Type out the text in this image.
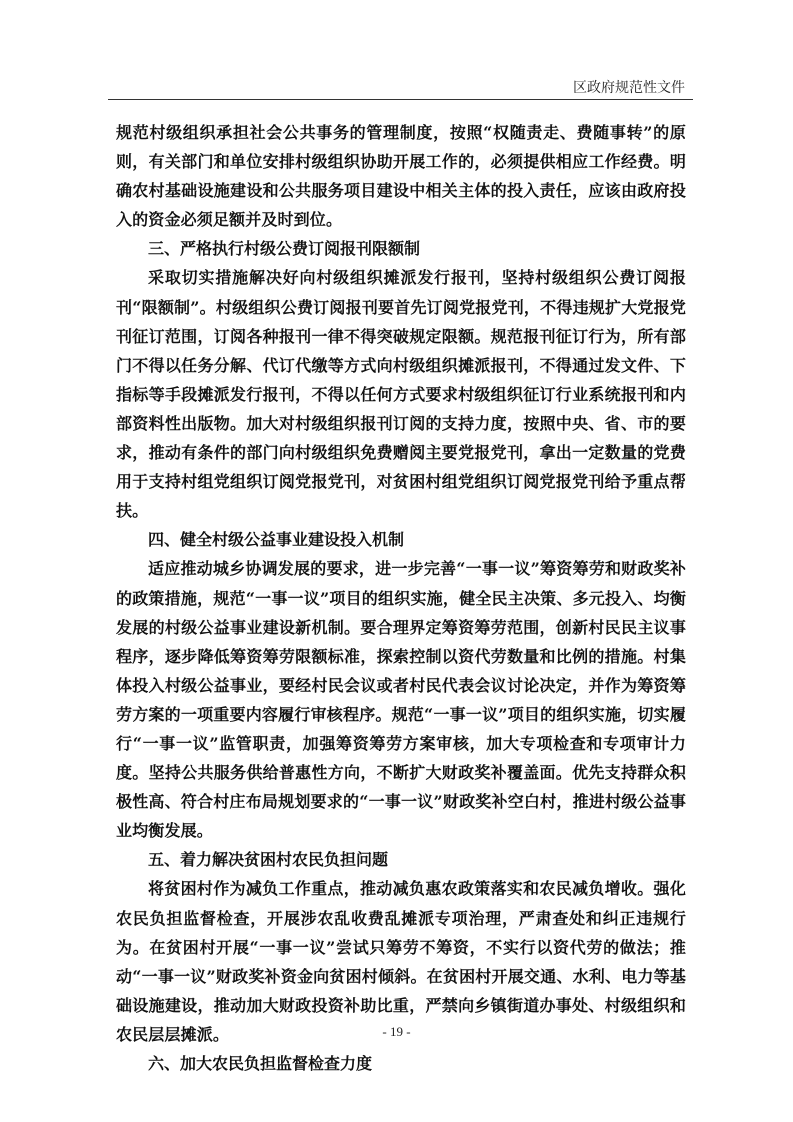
区政府规范性文件

规范村级组织承担社会公共事务的管理制度，按照“权随责走、费随事转”的原则，有关部门和单位安排村级组织协助开展工作的，必须提供相应工作经费。明确农村基础设施建设和公共服务项目建设中相关主体的投入责任，应该由政府投入的资金必须足额并及时到位。

三、严格执行村级公费订阅报刊限额制

采取切实措施解决好向村级组织摊派发行报刊，坚持村级组织公费订阅报刊“限额制”。村级组织公费订阅报刊要首先订阅党报党刊，不得违规扩大党报党刊征订范围，订阅各种报刊一律不得突破规定限额。规范报刊征订行为，所有部门不得以任务分解、代订代缴等方式向村级组织摊派报刊，不得通过发文件、下指标等手段摊派发行报刊，不得以任何方式要求村级组织征订行业系统报刊和内部资料性出版物。加大对村级组织报刊订阅的支持力度，按照中央、省、市的要求，推动有条件的部门向村级组织免费赠阅主要党报党刊，拿出一定数量的党费用于支持村组党组织订阅党报党刊，对贫困村组党组织订阅党报党刊给予重点帮扶。

四、健全村级公益事业建设投入机制

适应推动城乡协调发展的要求，进一步完善“一事一议”筹资筹劳和财政奖补的政策措施，规范“一事一议”项目的组织实施，健全民主决策、多元投入、均衡发展的村级公益事业建设新机制。要合理界定筹资筹劳范围，创新村民民主议事程序，逐步降低筹资筹劳限额标准，探索控制以资代劳数量和比例的措施。村集体投入村级公益事业，要经村民会议或者村民代表会议讨论决定，并作为筹资筹劳方案的一项重要内容履行审核程序。规范“一事一议”项目的组织实施，切实履行“一事一议”监管职责，加强筹资筹劳方案审核，加大专项检查和专项审计力度。坚持公共服务供给普惠性方向，不断扩大财政奖补覆盖面。优先支持群众积极性高、符合村庄布局规划要求的“一事一议”财政奖补空白村，推进村级公益事业均衡发展。

五、着力解决贫困村农民负担问题

将贫困村作为减负工作重点，推动减负惠农政策落实和农民减负增收。强化农民负担监督检查，开展涉农乱收费乱摊派专项治理，严肃查处和纠正违规行为。在贫困村开展“一事一议”尝试只筹劳不筹资，不实行以资代劳的做法；推动“一事一议”财政奖补资金向贫困村倾斜。在贫困村开展交通、水利、电力等基础设施建设，推动加大财政投资补助比重，严禁向乡镇街道办事处、村级组织和农民层层摊派。

六、加大农民负担监督检查力度

- 19 -
